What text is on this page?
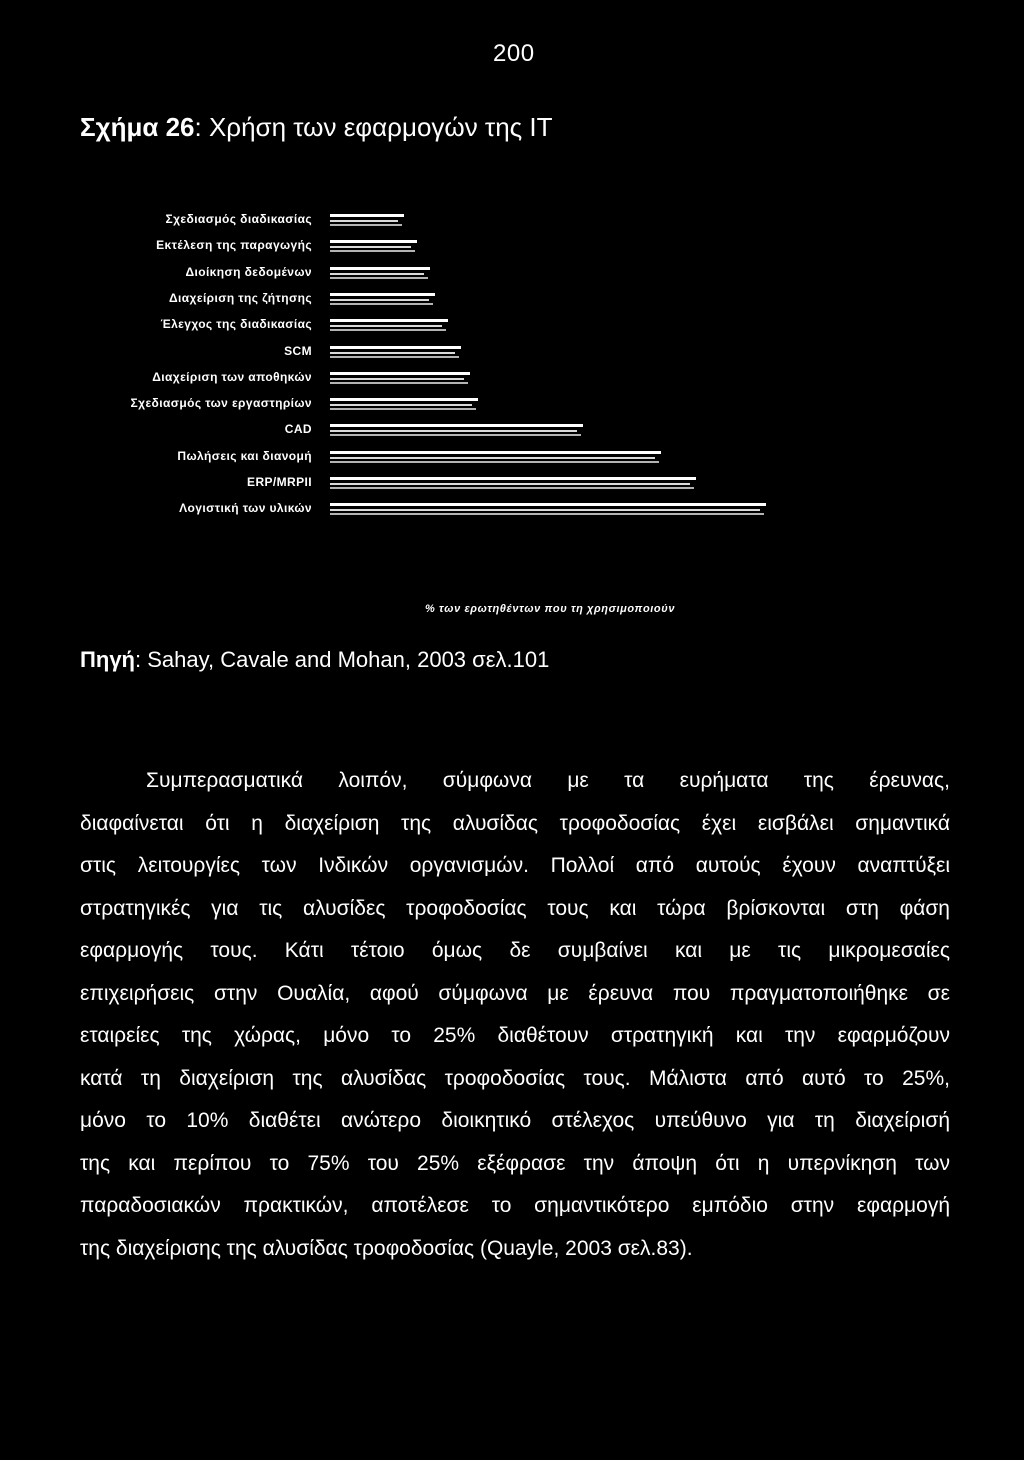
200
Σχήμα 26: Χρήση των εφαρμογών της IT
% των ερωτηθέντων που τη χρησιμοποιούν
Σχεδιασμός διαδικασίας
Εκτέλεση της παραγωγής
Διοίκηση δεδομένων
Διαχείριση της ζήτησης
Έλεγχος της διαδικασίας
SCM
Διαχείριση των αποθηκών
Σχεδιασμός των εργαστηρίων
CAD
Πωλήσεις και διανομή
ERP/MRPII
Λογιστική των υλικών
Πηγή: Sahay, Cavale and Mohan, 2003 σελ.101
Συμπερασματικά λοιπόν, σύμφωνα με τα ευρήματα της έρευνας,
διαφαίνεται ότι η διαχείριση της αλυσίδας τροφοδοσίας έχει εισβάλει σημαντικά
στις λειτουργίες των Ινδικών οργανισμών. Πολλοί από αυτούς έχουν αναπτύξει
στρατηγικές για τις αλυσίδες τροφοδοσίας τους και τώρα βρίσκονται στη φάση
εφαρμογής τους. Κάτι τέτοιο όμως δε συμβαίνει και με τις μικρομεσαίες
επιχειρήσεις στην Ουαλία, αφού σύμφωνα με έρευνα που πραγματοποιήθηκε σε
εταιρείες της χώρας, μόνο το 25% διαθέτουν στρατηγική και την εφαρμόζουν
κατά τη διαχείριση της αλυσίδας τροφοδοσίας τους. Μάλιστα από αυτό το 25%,
μόνο το 10% διαθέτει ανώτερο διοικητικό στέλεχος υπεύθυνο για τη διαχείρισή
της και περίπου το 75% του 25% εξέφρασε την άποψη ότι η υπερνίκηση των
παραδοσιακών πρακτικών, αποτέλεσε το σημαντικότερο εμπόδιο στην εφαρμογή
της διαχείρισης της αλυσίδας τροφοδοσίας (Quayle, 2003 σελ.83).
